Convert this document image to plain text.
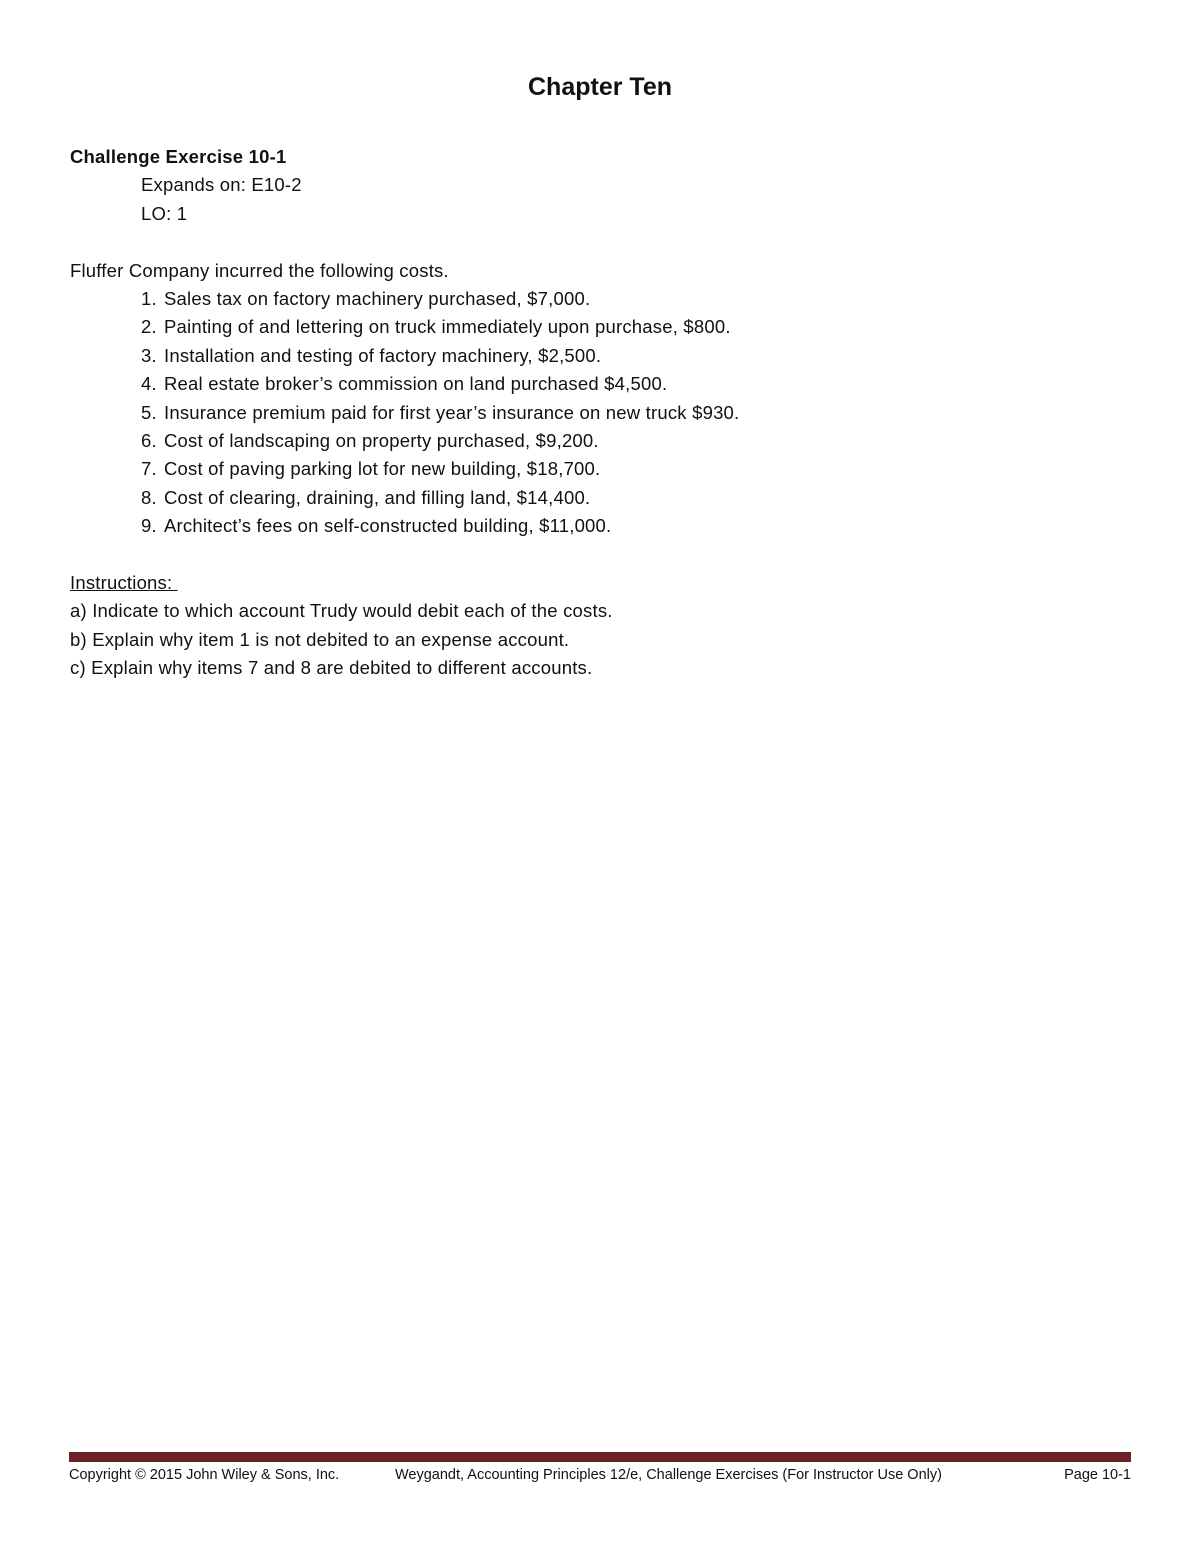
Chapter Ten
Challenge Exercise 10-1
Expands on: E10-2
LO: 1
Fluffer Company incurred the following costs.
1. Sales tax on factory machinery purchased, $7,000.
2. Painting of and lettering on truck immediately upon purchase, $800.
3. Installation and testing of factory machinery, $2,500.
4. Real estate broker’s commission on land purchased $4,500.
5. Insurance premium paid for first year’s insurance on new truck $930.
6. Cost of landscaping on property purchased, $9,200.
7. Cost of paving parking lot for new building, $18,700.
8. Cost of clearing, draining, and filling land, $14,400.
9. Architect’s fees on self-constructed building, $11,000.
Instructions:
a) Indicate to which account Trudy would debit each of the costs.
b) Explain why item 1 is not debited to an expense account.
c) Explain why items 7 and 8 are debited to different accounts.
Copyright © 2015 John Wiley & Sons, Inc.	Weygandt, Accounting Principles 12/e, Challenge Exercises (For Instructor Use Only)	Page 10-1
